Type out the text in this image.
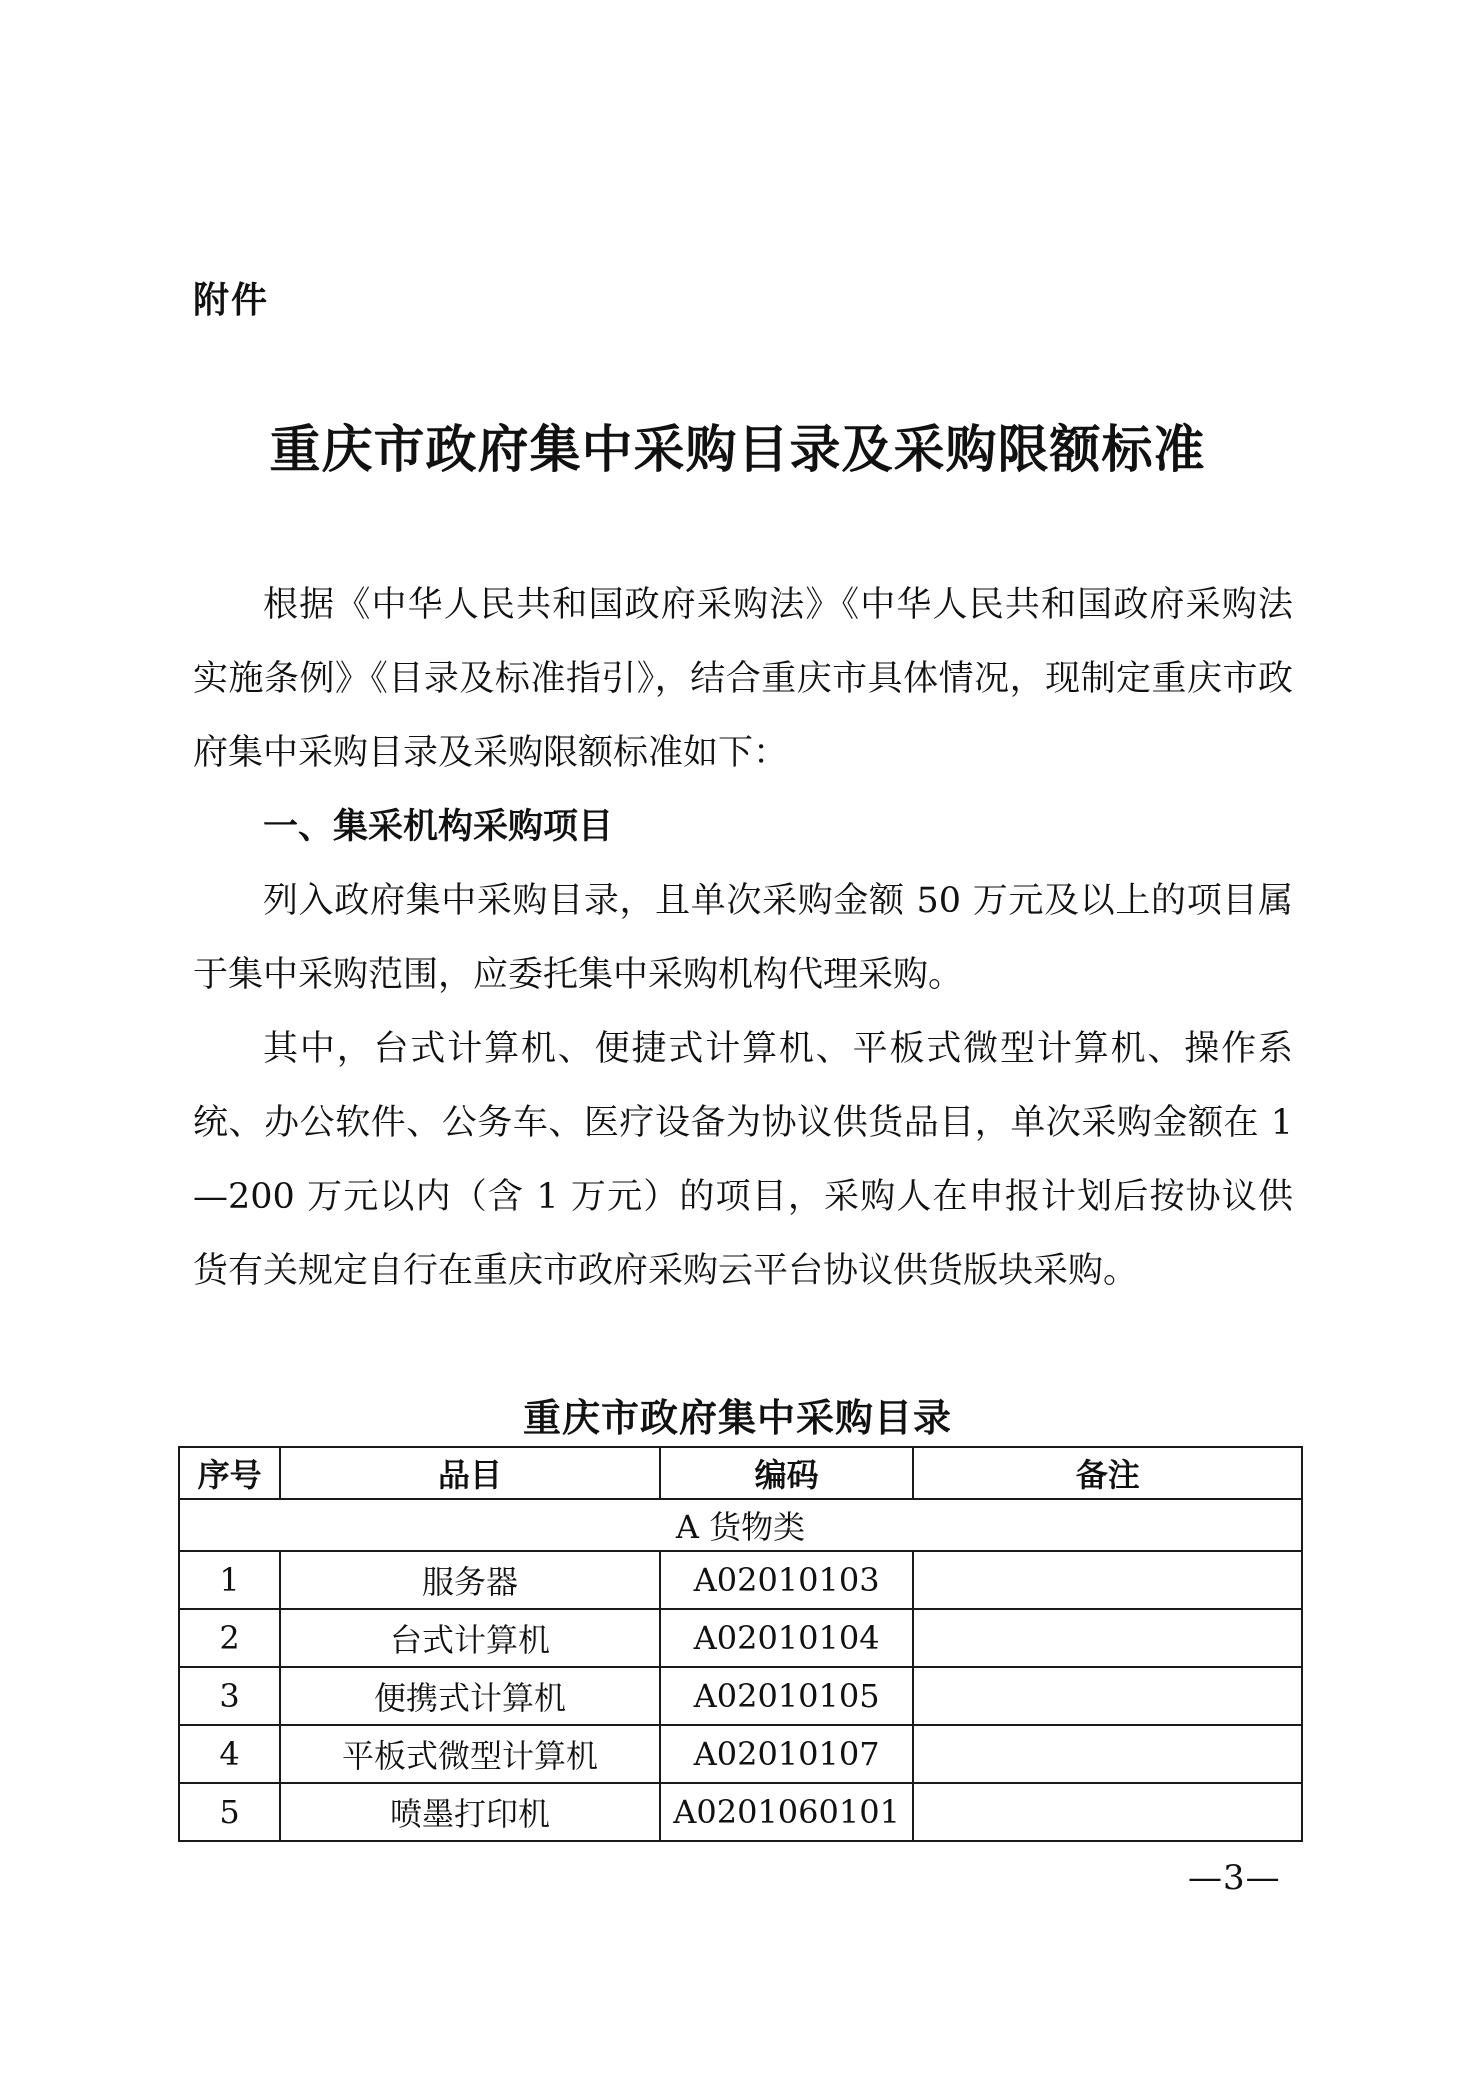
附件
重庆市政府集中采购目录及采购限额标准

根据《中华人民共和国政府采购法》《中华人民共和国政府采购法实施条例》《目录及标准指引》，结合重庆市具体情况，现制定重庆市政府集中采购目录及采购限额标准如下：

一、集采机构采购项目

列入政府集中采购目录，且单次采购金额 50 万元及以上的项目属于集中采购范围，应委托集中采购机构代理采购。

其中，台式计算机、便捷式计算机、平板式微型计算机、操作系统、办公软件、公务车、医疗设备为协议供货品目，单次采购金额在 1—200 万元以内（含 1 万元）的项目，采购人在申报计划后按协议供货有关规定自行在重庆市政府采购云平台协议供货版块采购。

重庆市政府集中采购目录
序号	品目	编码	备注
A 货物类			
1	服务器	A02010103	
2	台式计算机	A02010104	
3	便携式计算机	A02010105	
4	平板式微型计算机	A02010107	
5	喷墨打印机	A0201060101	
—3—
